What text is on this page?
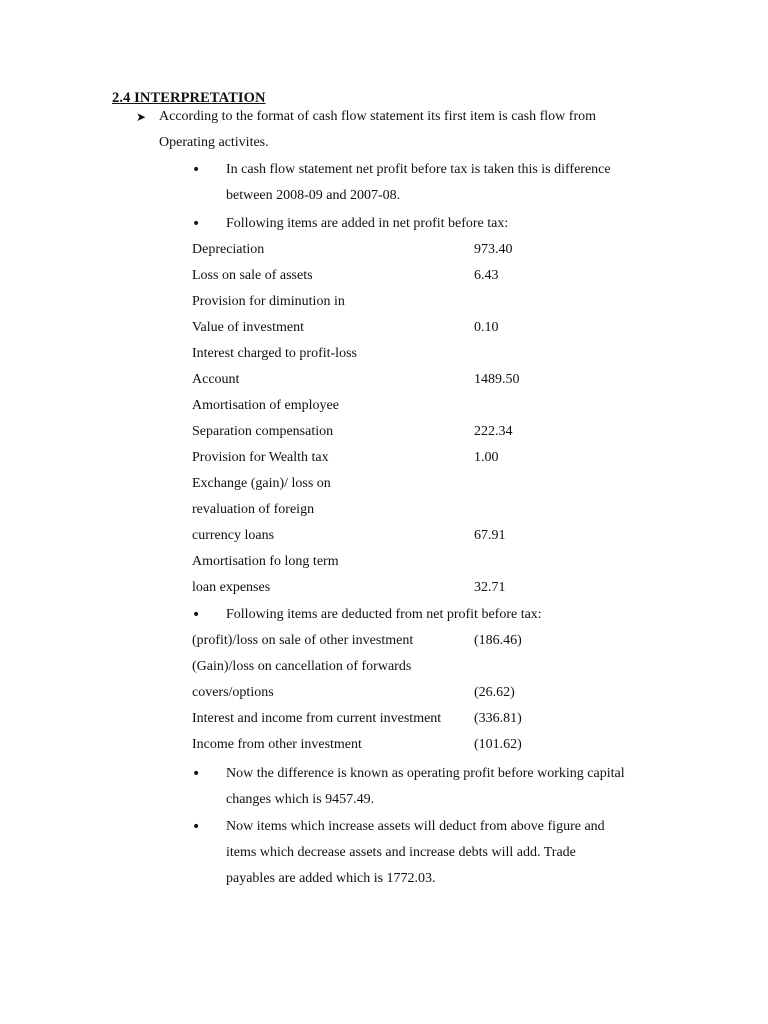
2.4 INTERPRETATION
➤ According to the format of cash flow statement its first item is cash flow from
Operating activites.
• In cash flow statement net profit before tax is taken this is difference
between 2008-09 and 2007-08.
• Following items are added in net profit before tax:
Depreciation	973.40
Loss on sale of assets	6.43
Provision for diminution in
Value of investment	0.10
Interest charged to profit-loss
Account	1489.50
Amortisation of employee
Separation compensation	222.34
Provision for Wealth tax	1.00
Exchange (gain)/ loss on
revaluation of foreign
currency loans	67.91
Amortisation fo long term
loan expenses	32.71
• Following items are deducted from net profit before tax:
(profit)/loss on sale of other investment	(186.46)
(Gain)/loss on cancellation of forwards
covers/options	(26.62)
Interest and income from current investment (336.81)
Income from other investment	(101.62)
• Now the difference is known as operating profit before working capital
changes which is 9457.49.
• Now items which increase assets will deduct from above figure and
items which decrease assets and increase debts will add. Trade
payables are added which is 1772.03.
